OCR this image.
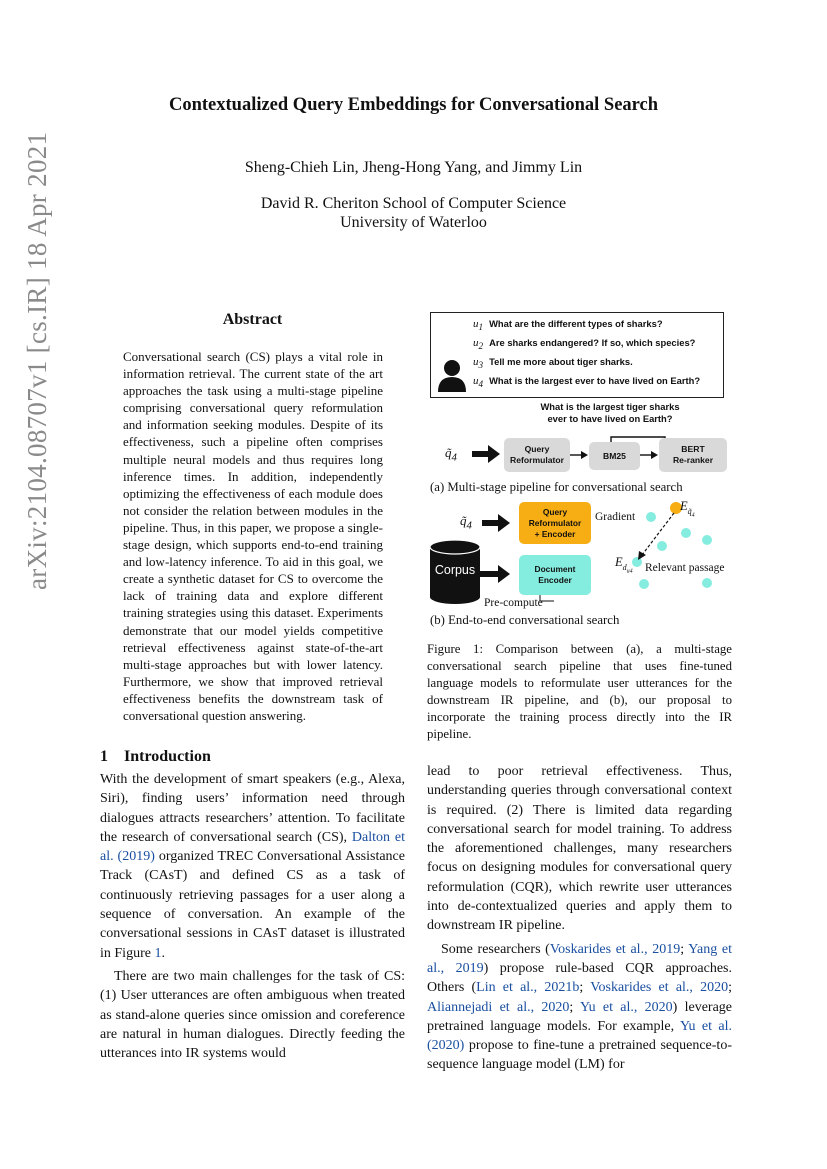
arXiv:2104.08707v1 [cs.IR] 18 Apr 2021
Contextualized Query Embeddings for Conversational Search
Sheng-Chieh Lin, Jheng-Hong Yang, and Jimmy Lin
David R. Cheriton School of Computer Science
University of Waterloo
Abstract
Conversational search (CS) plays a vital role in information retrieval. The current state of the art approaches the task using a multi-stage pipeline comprising conversational query reformulation and information seeking modules. Despite of its effectiveness, such a pipeline often comprises multiple neural models and thus requires long inference times. In addition, independently optimizing the effectiveness of each module does not consider the relation between modules in the pipeline. Thus, in this paper, we propose a single-stage design, which supports end-to-end training and low-latency inference. To aid in this goal, we create a synthetic dataset for CS to overcome the lack of training data and explore different training strategies using this dataset. Experiments demonstrate that our model yields competitive retrieval effectiveness against state-of-the-art multi-stage approaches but with lower latency. Furthermore, we show that improved retrieval effectiveness benefits the downstream task of conversational question answering.
$u_1$ What are the different types of sharks?
$u_2$ Are sharks endangered? If so, which species?
$u_3$ Tell me more about tiger sharks.
$u_4$ What is the largest ever to have lived on Earth?
What is the largest tiger sharks
ever to have lived on Earth?
$q̃_4$
Query
Reformulator	BM25
BERT
Re-ranker
(a) Multi-stage pipeline for conversational search
$q̃_4$
Query
Reformulator
+ Encoder
Document
Encoder
Corpus
Gradient
$E_{q̃_4}$
$E_{d_{u4}}$ Relevant passage
Pre-compute
(b) End-to-end conversational search
Figure 1: Comparison between (a), a multi-stage conversational search pipeline that uses fine-tuned language models to reformulate user utterances for the downstream IR pipeline, and (b), our proposal to incorporate the training process directly into the IR pipeline.
1 Introduction

With the development of smart speakers (e.g., Alexa, Siri), finding users’ information need through dialogues attracts researchers’ attention. To facilitate the research of conversational search (CS), Dalton et al. (2019) organized TREC Conversational Assistance Track (CAsT) and defined CS as a task of continuously retrieving passages for a user along a sequence of conversation. An example of the conversational sessions in CAsT dataset is illustrated in Figure 1.

There are two main challenges for the task of CS: (1) User utterances are often ambiguous when treated as stand-alone queries since omission and coreference are natural in human dialogues. Directly feeding the utterances into IR systems would

lead to poor retrieval effectiveness. Thus, understanding queries through conversational context is required. (2) There is limited data regarding conversational search for model training. To address the aforementioned challenges, many researchers focus on designing modules for conversational query reformulation (CQR), which rewrite user utterances into de-contextualized queries and apply them to downstream IR pipeline.

Some researchers (Voskarides et al., 2019; Yang et al., 2019) propose rule-based CQR approaches. Others (Lin et al., 2021b; Voskarides et al., 2020; Aliannejadi et al., 2020; Yu et al., 2020) leverage pretrained language models. For example, Yu et al. (2020) propose to fine-tune a pretrained sequence-to-sequence language model (LM) for
